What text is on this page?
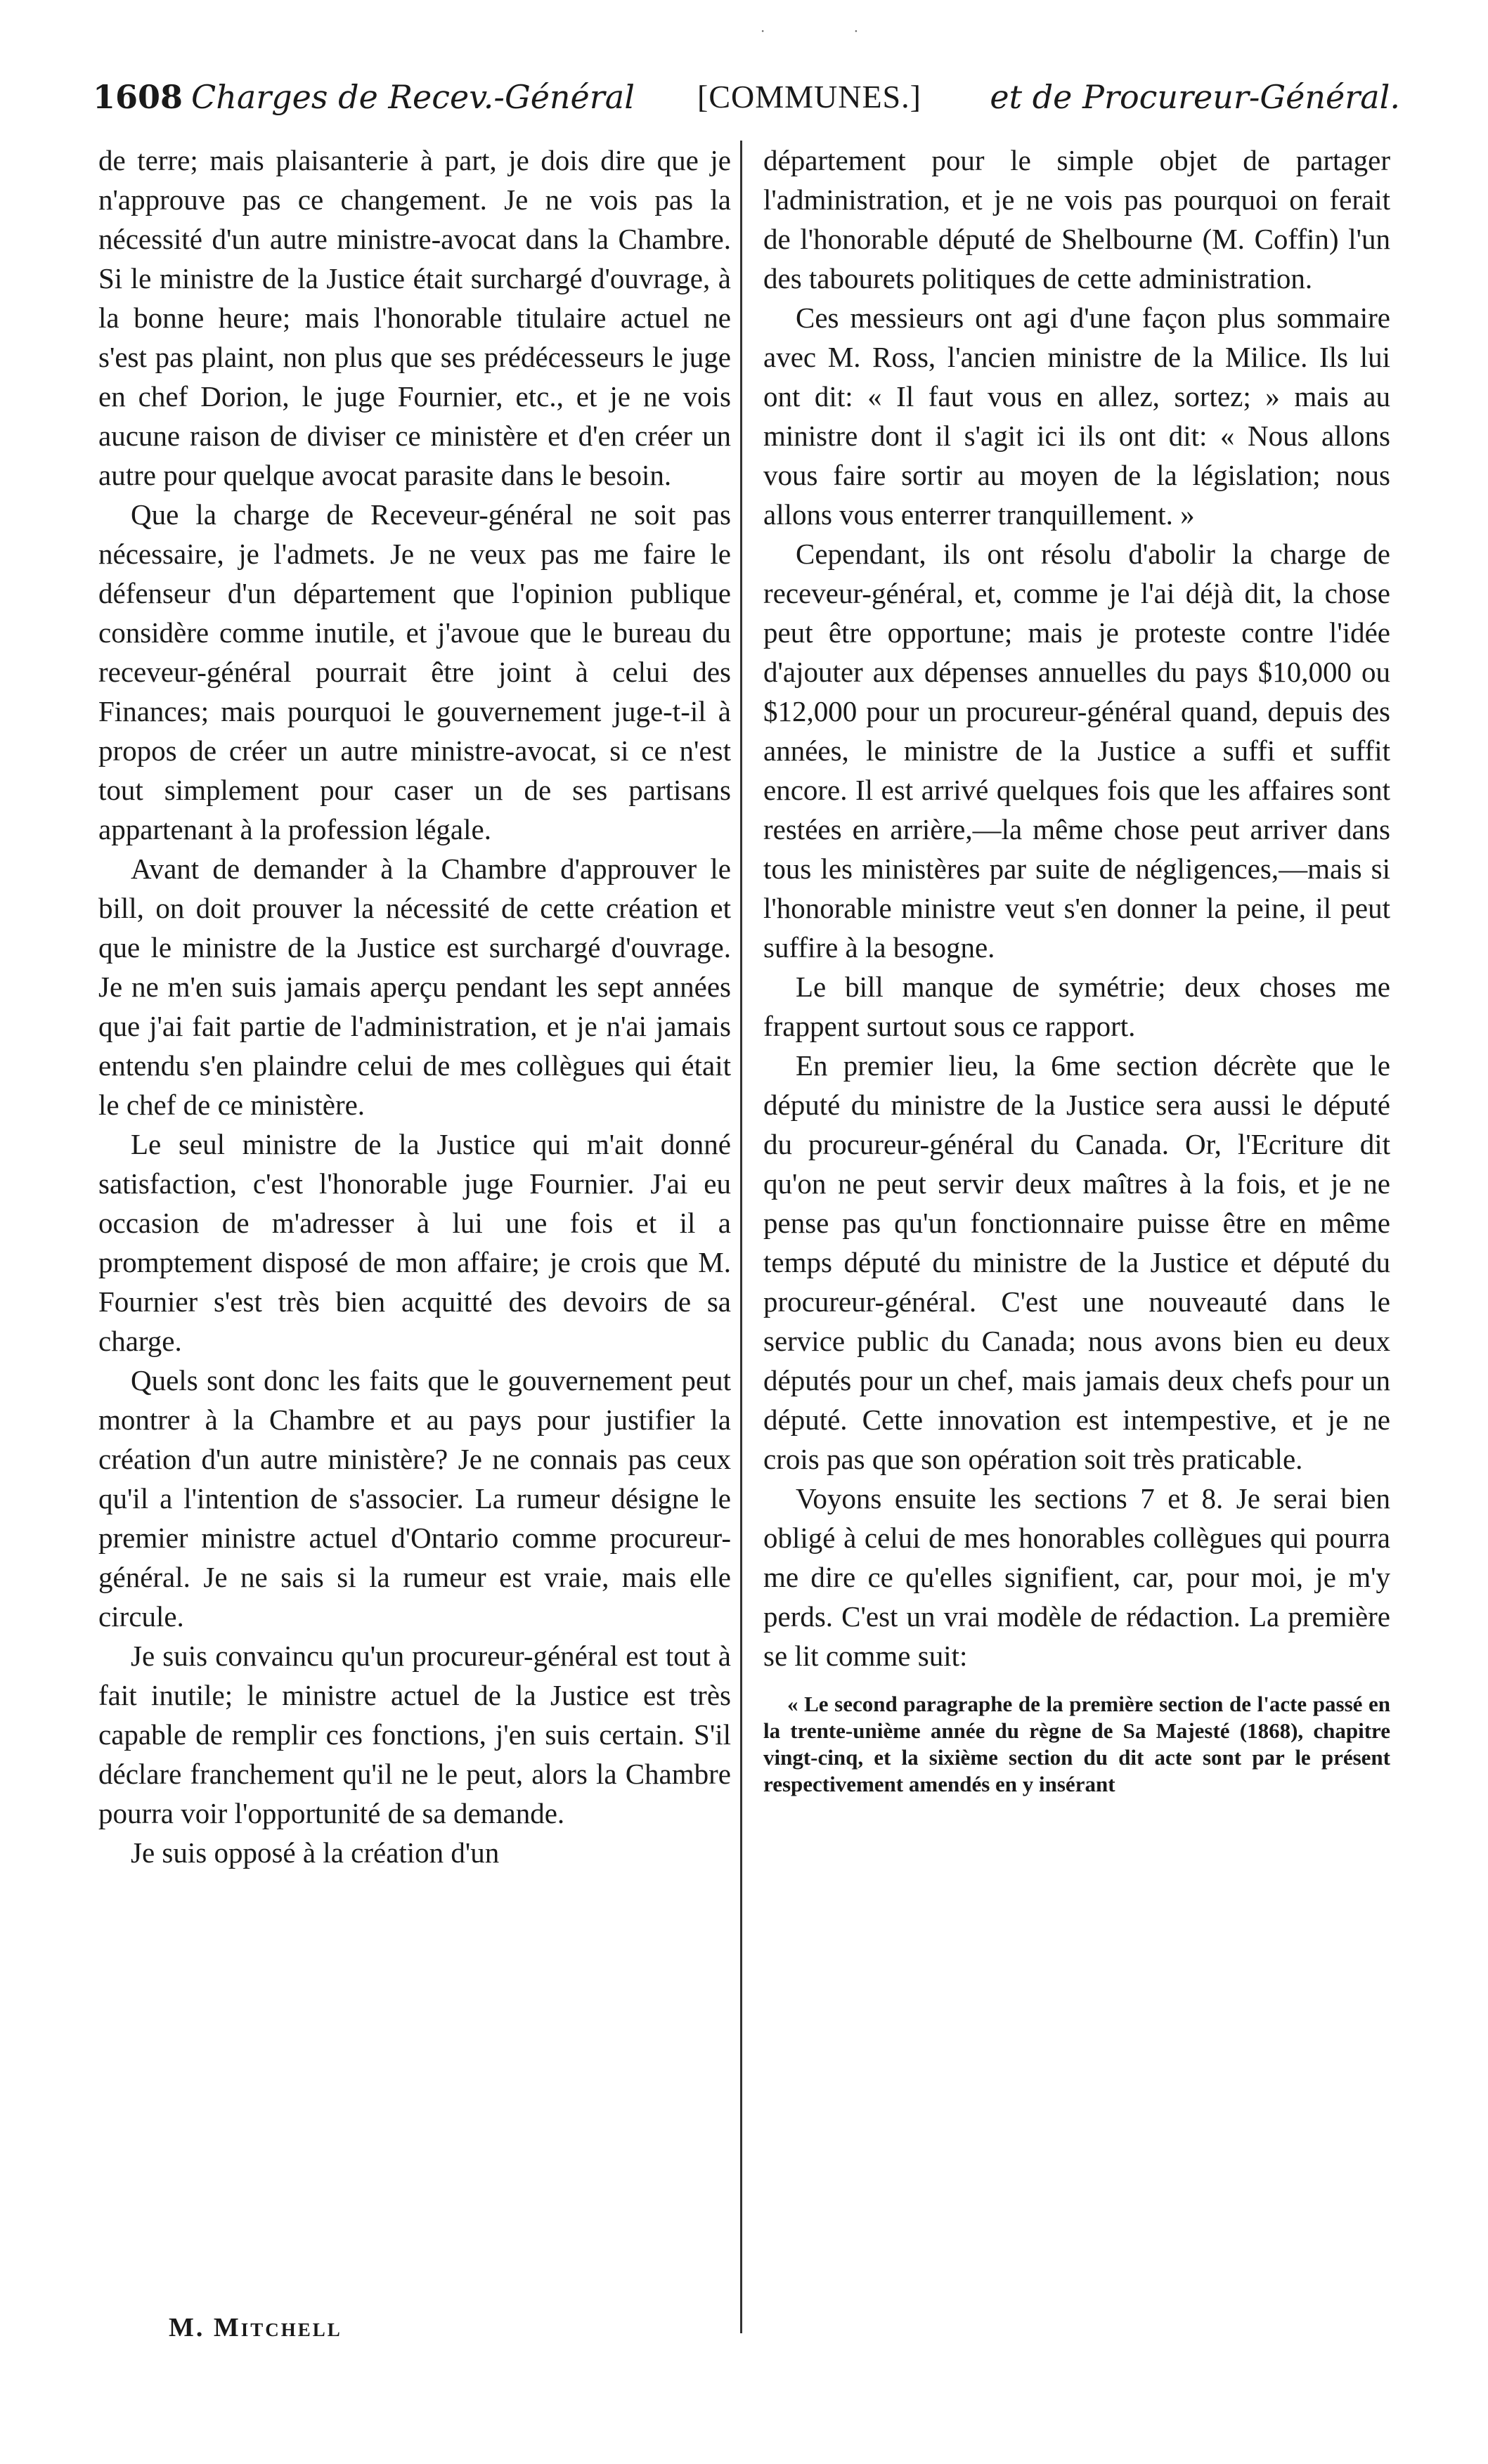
· ·
1608 Charges de Recev.-Général [COMMUNES.] et de Procureur-Général.

de terre; mais plaisanterie à part, je dois dire que je n'approuve pas ce changement. Je ne vois pas la nécessité d'un autre ministre-avocat dans la Chambre. Si le ministre de la Justice était surchargé d'ouvrage, à la bonne heure; mais l'honorable titulaire actuel ne s'est pas plaint, non plus que ses prédécesseurs le juge en chef Dorion, le juge Fournier, etc., et je ne vois aucune raison de diviser ce ministère et d'en créer un autre pour quelque avocat parasite dans le besoin.

Que la charge de Receveur-général ne soit pas nécessaire, je l'admets. Je ne veux pas me faire le défenseur d'un département que l'opinion publique considère comme inutile, et j'avoue que le bureau du receveur-général pourrait être joint à celui des Finances; mais pourquoi le gouvernement juge-t-il à propos de créer un autre ministre-avocat, si ce n'est tout simplement pour caser un de ses partisans appartenant à la profession légale.

Avant de demander à la Chambre d'approuver le bill, on doit prouver la nécessité de cette création et que le ministre de la Justice est surchargé d'ouvrage. Je ne m'en suis jamais aperçu pendant les sept années que j'ai fait partie de l'administration, et je n'ai jamais entendu s'en plaindre celui de mes collègues qui était le chef de ce ministère.

Le seul ministre de la Justice qui m'ait donné satisfaction, c'est l'honorable juge Fournier. J'ai eu occasion de m'adresser à lui une fois et il a promptement disposé de mon affaire; je crois que M. Fournier s'est très bien acquitté des devoirs de sa charge.

Quels sont donc les faits que le gouvernement peut montrer à la Chambre et au pays pour justifier la création d'un autre ministère? Je ne connais pas ceux qu'il a l'intention de s'associer. La rumeur désigne le premier ministre actuel d'Ontario comme procureur-général. Je ne sais si la rumeur est vraie, mais elle circule.

Je suis convaincu qu'un procureur-général est tout à fait inutile; le ministre actuel de la Justice est très capable de remplir ces fonctions, j'en suis certain. S'il déclare franchement qu'il ne le peut, alors la Chambre pourra voir l'opportunité de sa demande.

Je suis opposé à la création d'un

M. Mitchell

département pour le simple objet de partager l'administration, et je ne vois pas pourquoi on ferait de l'honorable député de Shelbourne (M. Coffin) l'un des tabourets politiques de cette administration.

Ces messieurs ont agi d'une façon plus sommaire avec M. Ross, l'ancien ministre de la Milice. Ils lui ont dit: « Il faut vous en allez, sortez; » mais au ministre dont il s'agit ici ils ont dit: « Nous allons vous faire sortir au moyen de la législation; nous allons vous enterrer tranquillement. »

Cependant, ils ont résolu d'abolir la charge de receveur-général, et, comme je l'ai déjà dit, la chose peut être opportune; mais je proteste contre l'idée d'ajouter aux dépenses annuelles du pays $10,000 ou $12,000 pour un procureur-général quand, depuis des années, le ministre de la Justice a suffi et suffit encore. Il est arrivé quelques fois que les affaires sont restées en arrière,—la même chose peut arriver dans tous les ministères par suite de négligences,—mais si l'honorable ministre veut s'en donner la peine, il peut suffire à la besogne.

Le bill manque de symétrie; deux choses me frappent surtout sous ce rapport.

En premier lieu, la 6me section décrète que le député du ministre de la Justice sera aussi le député du procureur-général du Canada. Or, l'Ecriture dit qu'on ne peut servir deux maîtres à la fois, et je ne pense pas qu'un fonctionnaire puisse être en même temps député du ministre de la Justice et député du procureur-général. C'est une nouveauté dans le service public du Canada; nous avons bien eu deux députés pour un chef, mais jamais deux chefs pour un député. Cette innovation est intempestive, et je ne crois pas que son opération soit très praticable.

Voyons ensuite les sections 7 et 8. Je serai bien obligé à celui de mes honorables collègues qui pourra me dire ce qu'elles signifient, car, pour moi, je m'y perds. C'est un vrai modèle de rédaction. La première se lit comme suit:

« Le second paragraphe de la première section de l'acte passé en la trente-unième année du règne de Sa Majesté (1868), chapitre vingt-cinq, et la sixième section du dit acte sont par le présent respectivement amendés en y insérant
